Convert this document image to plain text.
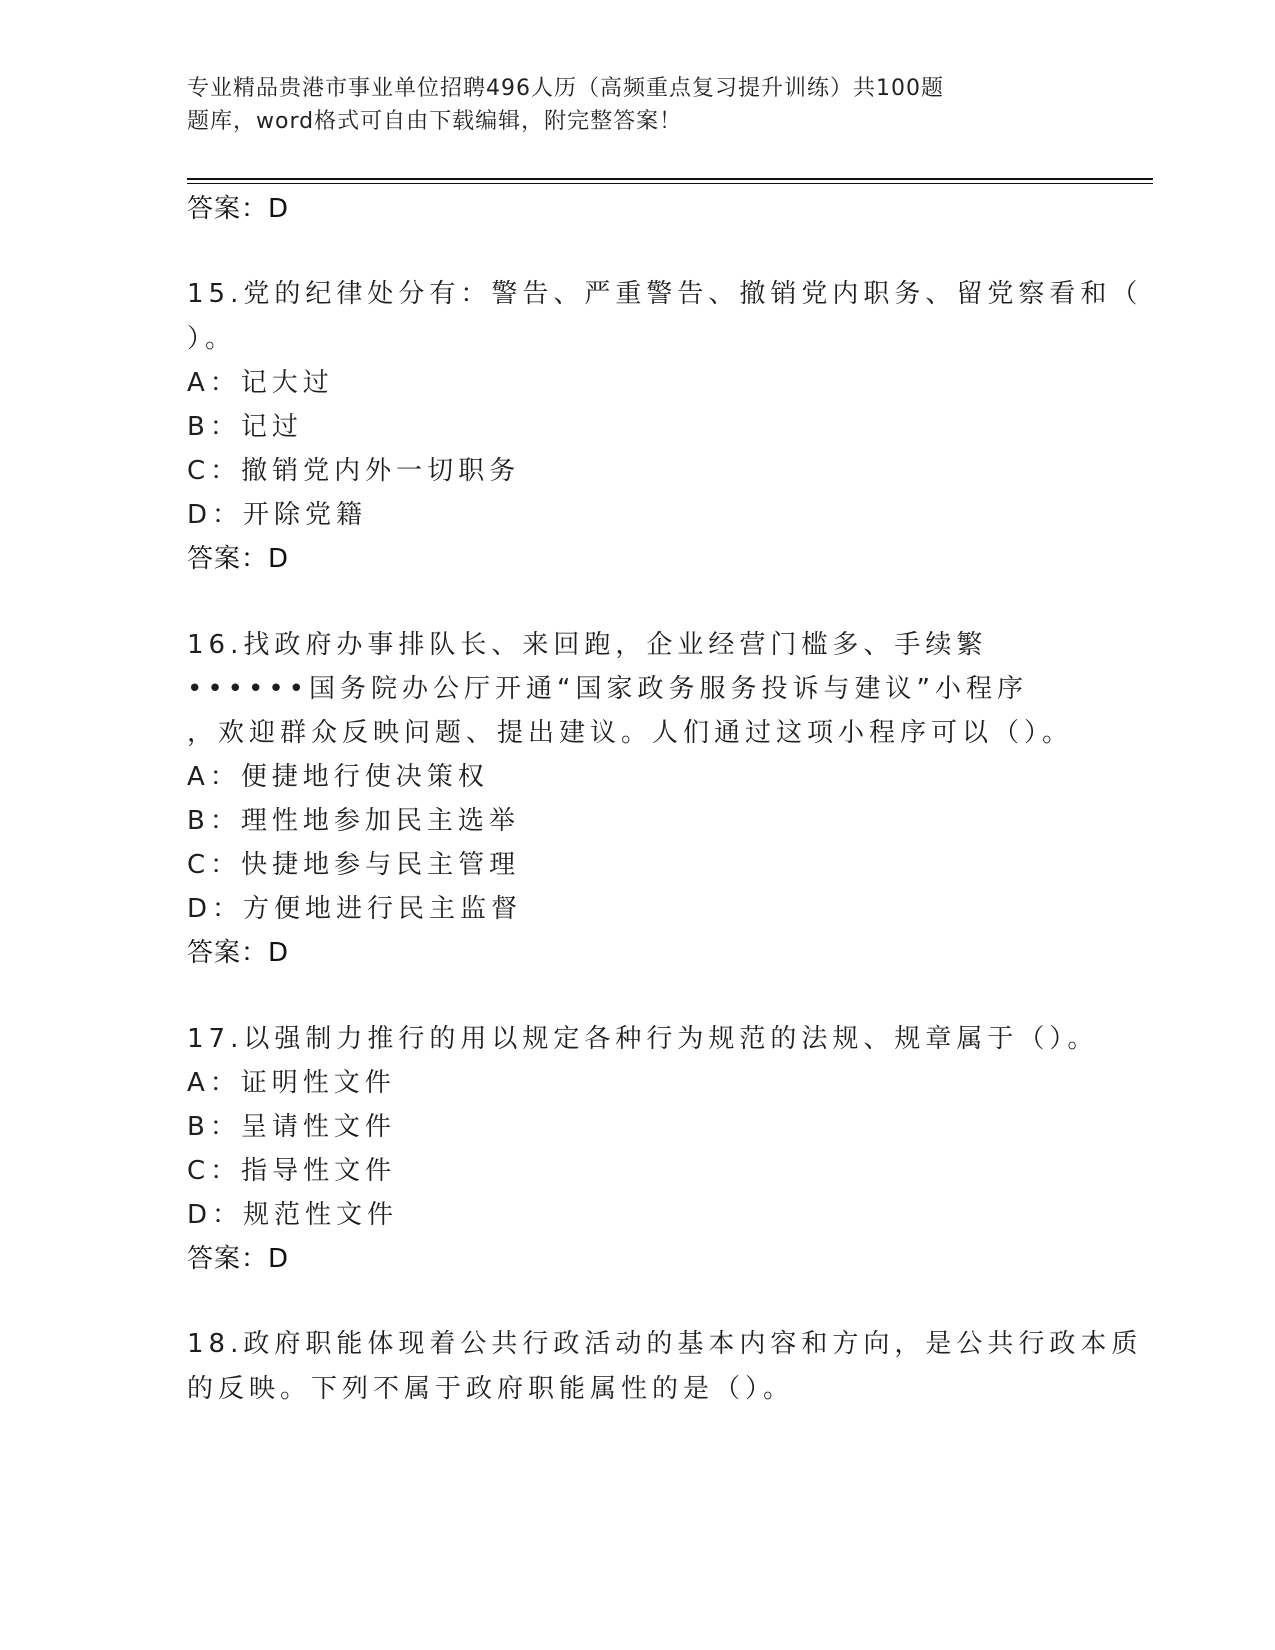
专业精品贵港市事业单位招聘496人历（高频重点复习提升训练）共100题
题库，word格式可自由下载编辑，附完整答案！
答案：D
15.党的纪律处分有：警告、严重警告、撤销党内职务、留党察看和（
）。
A：记大过
B：记过
C：撤销党内外一切职务
D：开除党籍
答案：D
16.找政府办事排队长、来回跑，企业经营门槛多、手续繁
••••••国务院办公厅开通“国家政务服务投诉与建议”小程序
，欢迎群众反映问题、提出建议。人们通过这项小程序可以（）。
A：便捷地行使决策权
B：理性地参加民主选举
C：快捷地参与民主管理
D：方便地进行民主监督
答案：D
17.以强制力推行的用以规定各种行为规范的法规、规章属于（）。
A：证明性文件
B：呈请性文件
C：指导性文件
D：规范性文件
答案：D
18.政府职能体现着公共行政活动的基本内容和方向，是公共行政本质
的反映。下列不属于政府职能属性的是（）。
